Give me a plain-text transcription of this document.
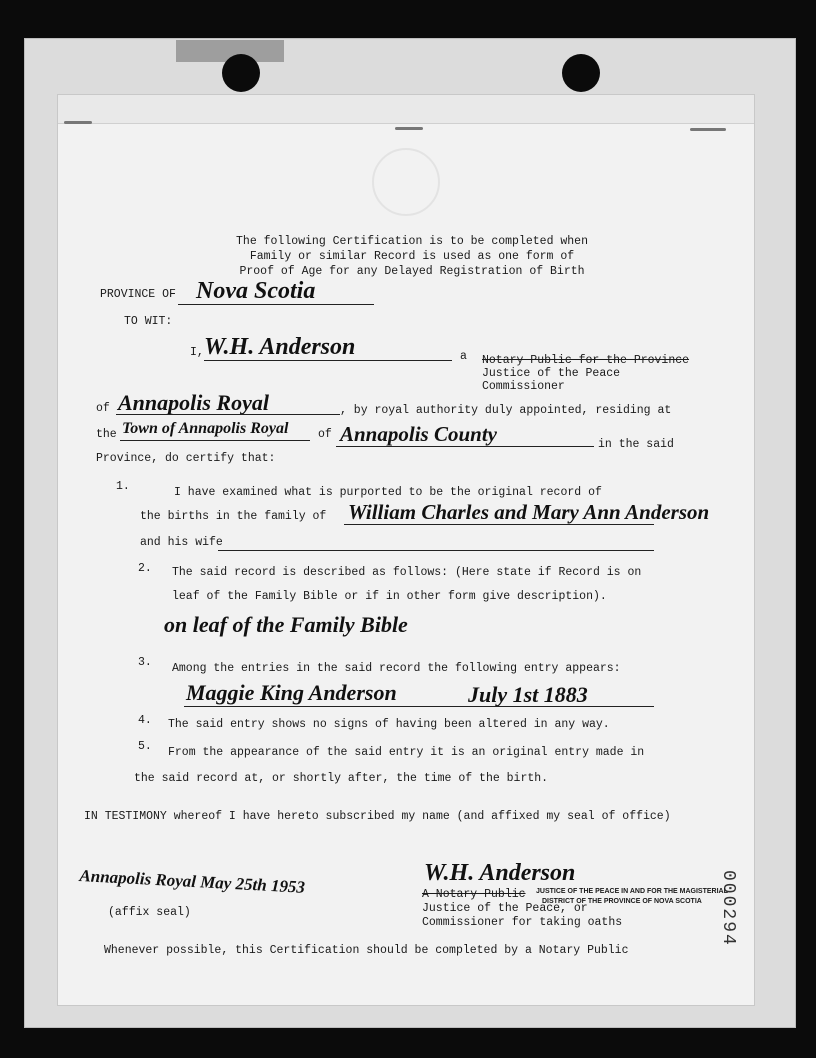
000294
The following Certification is to be completed when
Family or similar Record is used as one form of
Proof of Age for any Delayed Registration of Birth
PROVINCE OF Nova Scotia
TO WIT:
I, W.H. Anderson	a Notary Public for the Province
Justice of the Peace
Commissioner
of Annapolis Royal	, by royal authority duly appointed, residing at
the Town of Annapolis Royal	of Annapolis County	in the said
Province, do certify that:
1.	I have examined what is purported to be the original record of
the births in the family of William Charles and Mary Ann Anderson
and his wife
2. The said record is described as follows: (Here state if Record is on
leaf of the Family Bible or if in other form give description).
on leaf of the Family Bible
3. Among the entries in the said record the following entry appears:
Maggie King Anderson	July 1st 1883
4. The said entry shows no signs of having been altered in any way.
5. From the appearance of the said entry it is an original entry made in
the said record at, or shortly after, the time of the birth.
IN TESTIMONY whereof I have hereto subscribed my name (and affixed my seal of office)
Annapolis Royal May 25th 1953	W.H. Anderson
JUSTICE OF THE PEACE IN AND FOR THE MAGISTERIAL
DISTRICT OF THE PROVINCE OF NOVA SCOTIA
A Notary Public
Justice of the Peace, or
Commissioner for taking oaths
(affix seal)
Whenever possible, this Certification should be completed by a Notary Public
